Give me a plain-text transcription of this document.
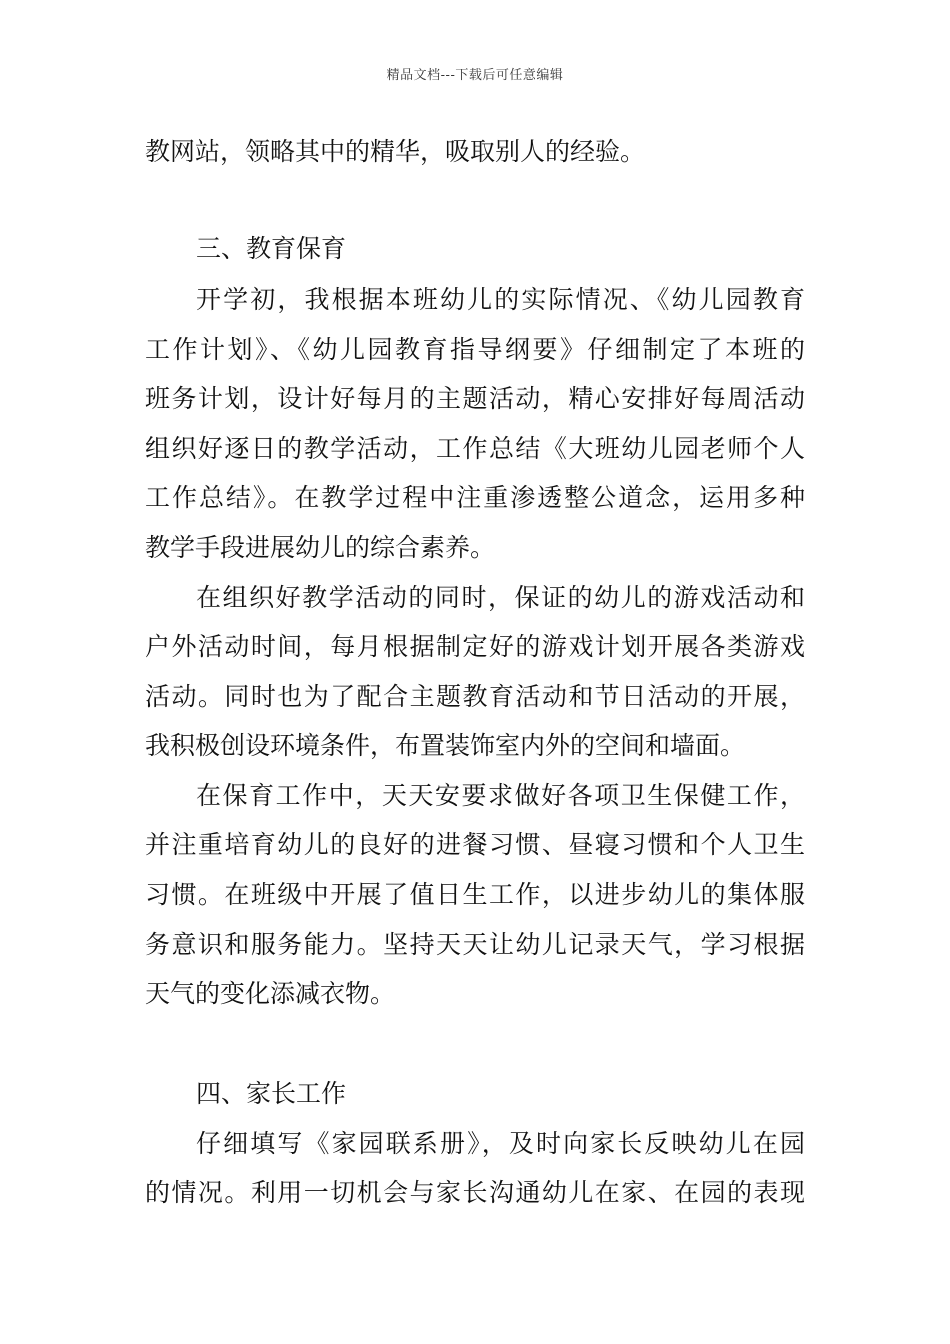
精品文档---下载后可任意编辑
教网站，领略其中的精华，吸取别人的经验。
三、教育保育
开学初，我根据本班幼儿的实际情况、《幼儿园教育
工作计划》、《幼儿园教育指导纲要》仔细制定了本班的
班务计划，设计好每月的主题活动，精心安排好每周活动
组织好逐日的教学活动，工作总结《大班幼儿园老师个人
工作总结》。在教学过程中注重渗透整公道念，运用多种
教学手段进展幼儿的综合素养。
在组织好教学活动的同时，保证的幼儿的游戏活动和
户外活动时间，每月根据制定好的游戏计划开展各类游戏
活动。同时也为了配合主题教育活动和节日活动的开展，
我积极创设环境条件，布置装饰室内外的空间和墙面。
在保育工作中，天天安要求做好各项卫生保健工作，
并注重培育幼儿的良好的进餐习惯、昼寝习惯和个人卫生
习惯。在班级中开展了值日生工作，以进步幼儿的集体服
务意识和服务能力。坚持天天让幼儿记录天气，学习根据
天气的变化添减衣物。
四、家长工作
仔细填写《家园联系册》，及时向家长反映幼儿在园
的情况。利用一切机会与家长沟通幼儿在家、在园的表现
